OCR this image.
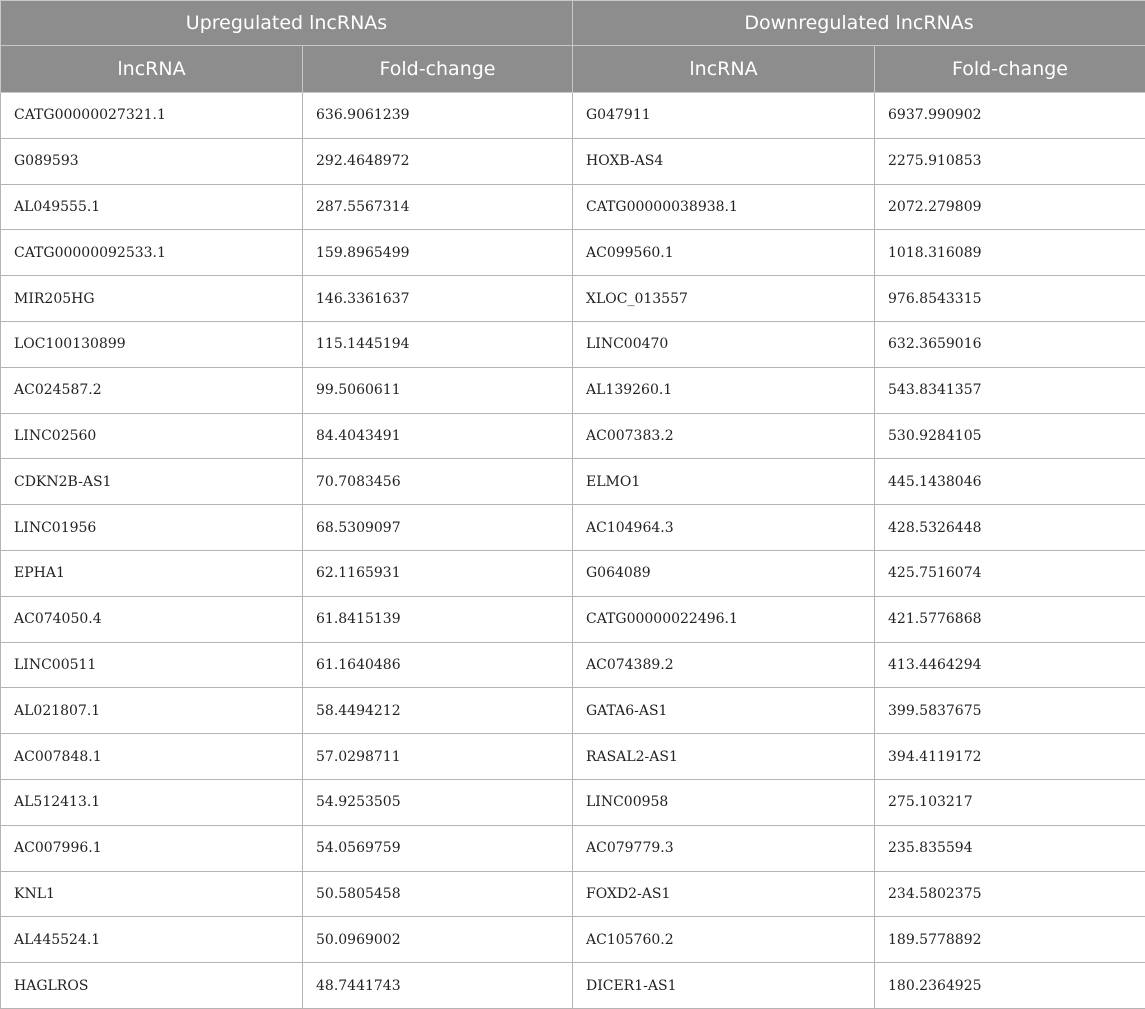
Upregulated lncRNAs		Downregulated lncRNAs	
lncRNA	Fold-change	lncRNA	Fold-change
CATG00000027321.1	636.9061239	G047911	6937.990902
G089593	292.4648972	HOXB-AS4	2275.910853
AL049555.1	287.5567314	CATG00000038938.1	2072.279809
CATG00000092533.1	159.8965499	AC099560.1	1018.316089
MIR205HG	146.3361637	XLOC_013557	976.8543315
LOC100130899	115.1445194	LINC00470	632.3659016
AC024587.2	99.5060611	AL139260.1	543.8341357
LINC02560	84.4043491	AC007383.2	530.9284105
CDKN2B-AS1	70.7083456	ELMO1	445.1438046
LINC01956	68.5309097	AC104964.3	428.5326448
EPHA1	62.1165931	G064089	425.7516074
AC074050.4	61.8415139	CATG00000022496.1	421.5776868
LINC00511	61.1640486	AC074389.2	413.4464294
AL021807.1	58.4494212	GATA6-AS1	399.5837675
AC007848.1	57.0298711	RASAL2-AS1	394.4119172
AL512413.1	54.9253505	LINC00958	275.103217
AC007996.1	54.0569759	AC079779.3	235.835594
KNL1	50.5805458	FOXD2-AS1	234.5802375
AL445524.1	50.0969002	AC105760.2	189.5778892
HAGLROS	48.7441743	DICER1-AS1	180.2364925
